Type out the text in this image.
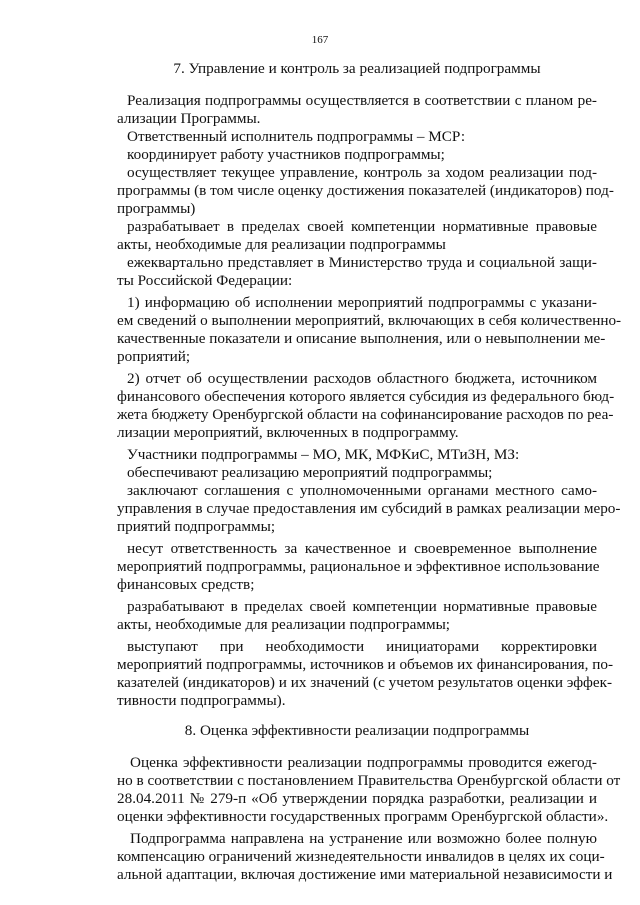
167
7. Управление и контроль за реализацией подпрограммы
Реализация подпрограммы осуществляется в соответствии с планом ре-
ализации Программы.
Ответственный исполнитель подпрограммы – МСР:
координирует работу участников подпрограммы;
осуществляет текущее управление, контроль за ходом реализации под-
программы (в том числе оценку достижения показателей (индикаторов) под-
программы)
разрабатывает в пределах своей компетенции нормативные правовые
акты, необходимые для реализации подпрограммы
ежеквартально представляет в Министерство труда и социальной защи-
ты Российской Федерации:
1) информацию об исполнении мероприятий подпрограммы с указани-
ем сведений о выполнении мероприятий, включающих в себя количественно-
качественные показатели и описание выполнения, или о невыполнении ме-
роприятий;
2) отчет об осуществлении расходов областного бюджета, источником
финансового обеспечения которого является субсидия из федерального бюд-
жета бюджету Оренбургской области на софинансирование расходов по реа-
лизации мероприятий, включенных в подпрограмму.
Участники подпрограммы – МО, МК, МФКиС, МТиЗН, МЗ:
обеспечивают реализацию мероприятий подпрограммы;
заключают соглашения с уполномоченными органами местного само-
управления в случае предоставления им субсидий в рамках реализации меро-
приятий подпрограммы;
несут ответственность за качественное и своевременное выполнение
мероприятий подпрограммы, рациональное и эффективное использование
финансовых средств;
разрабатывают в пределах своей компетенции нормативные правовые
акты, необходимые для реализации подпрограммы;
выступают при необходимости инициаторами корректировки
мероприятий подпрограммы, источников и объемов их финансирования, по-
казателей (индикаторов) и их значений (с учетом результатов оценки эффек-
тивности подпрограммы).
8. Оценка эффективности реализации подпрограммы
Оценка эффективности реализации подпрограммы проводится ежегод-
но в соответствии с постановлением Правительства Оренбургской области от
28.04.2011 № 279-п «Об утверждении порядка разработки, реализации и
оценки эффективности государственных программ Оренбургской области».
Подпрограмма направлена на устранение или возможно более полную
компенсацию ограничений жизнедеятельности инвалидов в целях их соци-
альной адаптации, включая достижение ими материальной независимости и
